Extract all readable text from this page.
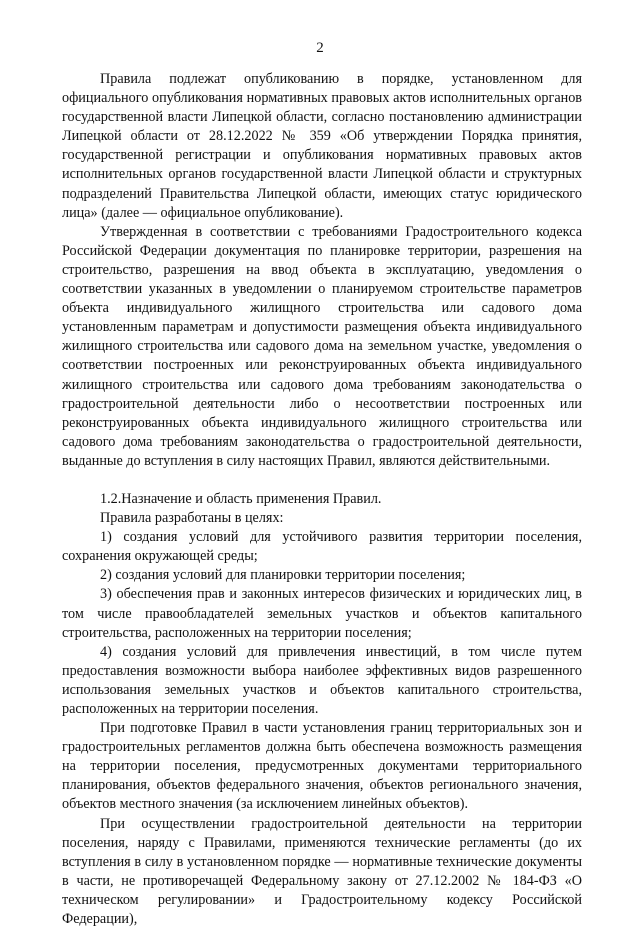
2

Правила подлежат опубликованию в порядке, установленном для официального опубликования нормативных правовых актов исполнительных органов государственной власти Липецкой области, согласно постановлению администрации Липецкой области от 28.12.2022 № 359 «Об утверждении Порядка принятия, государственной регистрации и опубликования нормативных правовых актов исполнительных органов государственной власти Липецкой области и структурных подразделений Правительства Липецкой области, имеющих статус юридического лица» (далее — официальное опубликование).

Утвержденная в соответствии с требованиями Градостроительного кодекса Российской Федерации документация по планировке территории, разрешения на строительство, разрешения на ввод объекта в эксплуатацию, уведомления о соответствии указанных в уведомлении о планируемом строительстве параметров объекта индивидуального жилищного строительства или садового дома установленным параметрам и допустимости размещения объекта индивидуального жилищного строительства или садового дома на земельном участке, уведомления о соответствии построенных или реконструированных объекта индивидуального жилищного строительства или садового дома требованиям законодательства о градостроительной деятельности либо о несоответствии построенных или реконструированных объекта индивидуального жилищного строительства или садового дома требованиям законодательства о градостроительной деятельности, выданные до вступления в силу настоящих Правил, являются действительными.

1.2.Назначение и область применения Правил.

Правила разработаны в целях:

1) создания условий для устойчивого развития территории поселения, сохранения окружающей среды;

2) создания условий для планировки территории поселения;

3) обеспечения прав и законных интересов физических и юридических лиц, в том числе правообладателей земельных участков и объектов капитального строительства, расположенных на территории поселения;

4) создания условий для привлечения инвестиций, в том числе путем предоставления возможности выбора наиболее эффективных видов разрешенного использования земельных участков и объектов капитального строительства, расположенных на территории поселения.

При подготовке Правил в части установления границ территориальных зон и градостроительных регламентов должна быть обеспечена возможность размещения на территории поселения, предусмотренных документами территориального планирования, объектов федерального значения, объектов регионального значения, объектов местного значения (за исключением линейных объектов).

При осуществлении градостроительной деятельности на территории поселения, наряду с Правилами, применяются технические регламенты (до их вступления в силу в установленном порядке — нормативные технические документы в части, не противоречащей Федеральному закону от 27.12.2002 № 184-ФЗ «О техническом регулировании» и Градостроительному кодексу Российской Федерации),
